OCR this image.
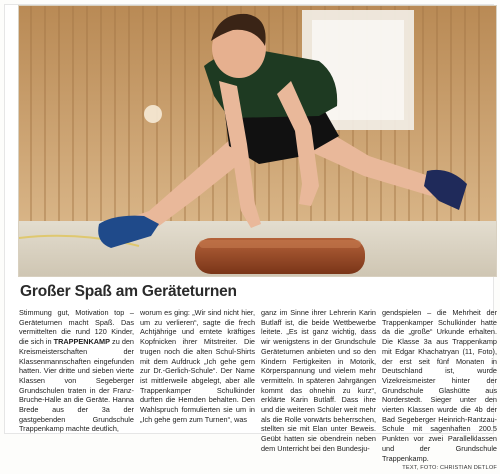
Großer Spaß am Geräteturnen
Stimmung gut, Motivation top – Geräteturnen macht Spaß. Das vermittelten die rund 120 Kinder, die sich in TRAPPENKAMP zu den Kreismeisterschaften der Klassenmannschaften eingefunden hatten. Vier dritte und sieben vierte Klassen von Segeberger Grundschulen traten in der Franz-Bruche-Halle an die Geräte. Hanna Brede aus der 3a der gastgebenden Grundschule Trappenkamp machte deutlich,
worum es ging: „Wir sind nicht hier, um zu verlieren“, sagte die frech Achtjährige und erntete kräftiges Kopfnicken ihrer Mitstreiter. Die trugen noch die alten Schul-Shirts mit dem Aufdruck „Ich gehe gern zur Dr.-Gerlich-Schule“. Der Name ist mittlerweile abgelegt, aber alle Trappenkamper Schulkinder durften die Hemden behalten. Den Wahlspruch formulierten sie um in „Ich gehe gern zum Turnen“, was
ganz im Sinne ihrer Lehrerin Karin Butlaff ist, die beide Wettbewerbe leitete. „Es ist ganz wichtig, dass wir wenigstens in der Grundschule Geräteturnen anbieten und so den Kindern Fertigkeiten in Motorik, Körperspannung und vielem mehr vermitteln. In späteren Jahrgängen kommt das ohnehin zu kurz“, erklärte Karin Butlaff. Dass ihre und die weiteren Schüler weit mehr als die Rolle vorwärts beherrschen, stellten sie mit Elan unter Beweis. Geübt hatten sie obendrein neben dem Unterricht bei den Bundesju-
gendspielen – die Mehrheit der Trappenkamper Schulkinder hatte da die „große“ Urkunde erhalten. Die Klasse 3a aus Trappenkamp mit Edgar Khachatryan (11, Foto), der erst seit fünf Monaten in Deutschland ist, wurde Vizekreismeister hinter der Grundschule Glashütte aus Norderstedt. Sieger unter den vierten Klassen wurde die 4b der Bad Segeberger Heinrich-Rantzau-Schule mit sagenhaften 200.5 Punkten vor zwei Parallelklassen und der Grundschule Trappenkamp.
TEXT, FOTO: CHRISTIAN DETLOF
